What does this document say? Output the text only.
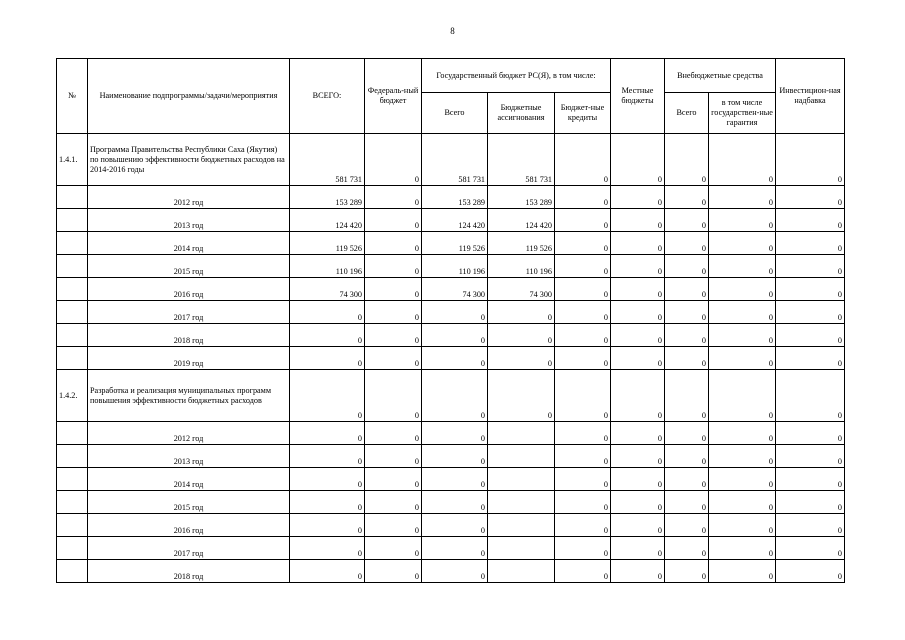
8
№	Наименование подпрограммы/задачи/мероприятия	ВСЕГО:	Федераль-ный бюджет	Государственный бюджет РС(Я), в том числе:			Местные бюджеты	Внебюджетные средства		Инвестицион-ная надбавка
				Всего	Бюджетные ассигнования	Бюджет-ные кредиты		Всего	в том числе государствен-ные гарантия	
1.4.1.	Программа Правительства Республики Саха (Якутия) по повышению эффективности бюджетных расходов на 2014-2016 годы	581 731	0	581 731	581 731	0	0	0	0	0
	2012 год	153 289	0	153 289	153 289	0	0	0	0	0
	2013 год	124 420	0	124 420	124 420	0	0	0	0	0
	2014 год	119 526	0	119 526	119 526	0	0	0	0	0
	2015 год	110 196	0	110 196	110 196	0	0	0	0	0
	2016 год	74 300	0	74 300	74 300	0	0	0	0	0
	2017 год	0	0	0	0	0	0	0	0	0
	2018 год	0	0	0	0	0	0	0	0	0
	2019 год	0	0	0	0	0	0	0	0	0
1.4.2.	Разработка и реализация муниципальных программ повышения эффективности бюджетных расходов	0	0	0	0	0	0	0	0	0
	2012 год	0	0	0		0	0	0	0	0
	2013 год	0	0	0		0	0	0	0	0
	2014 год	0	0	0		0	0	0	0	0
	2015 год	0	0	0		0	0	0	0	0
	2016 год	0	0	0		0	0	0	0	0
	2017 год	0	0	0		0	0	0	0	0
	2018 год	0	0	0		0	0	0	0	0
